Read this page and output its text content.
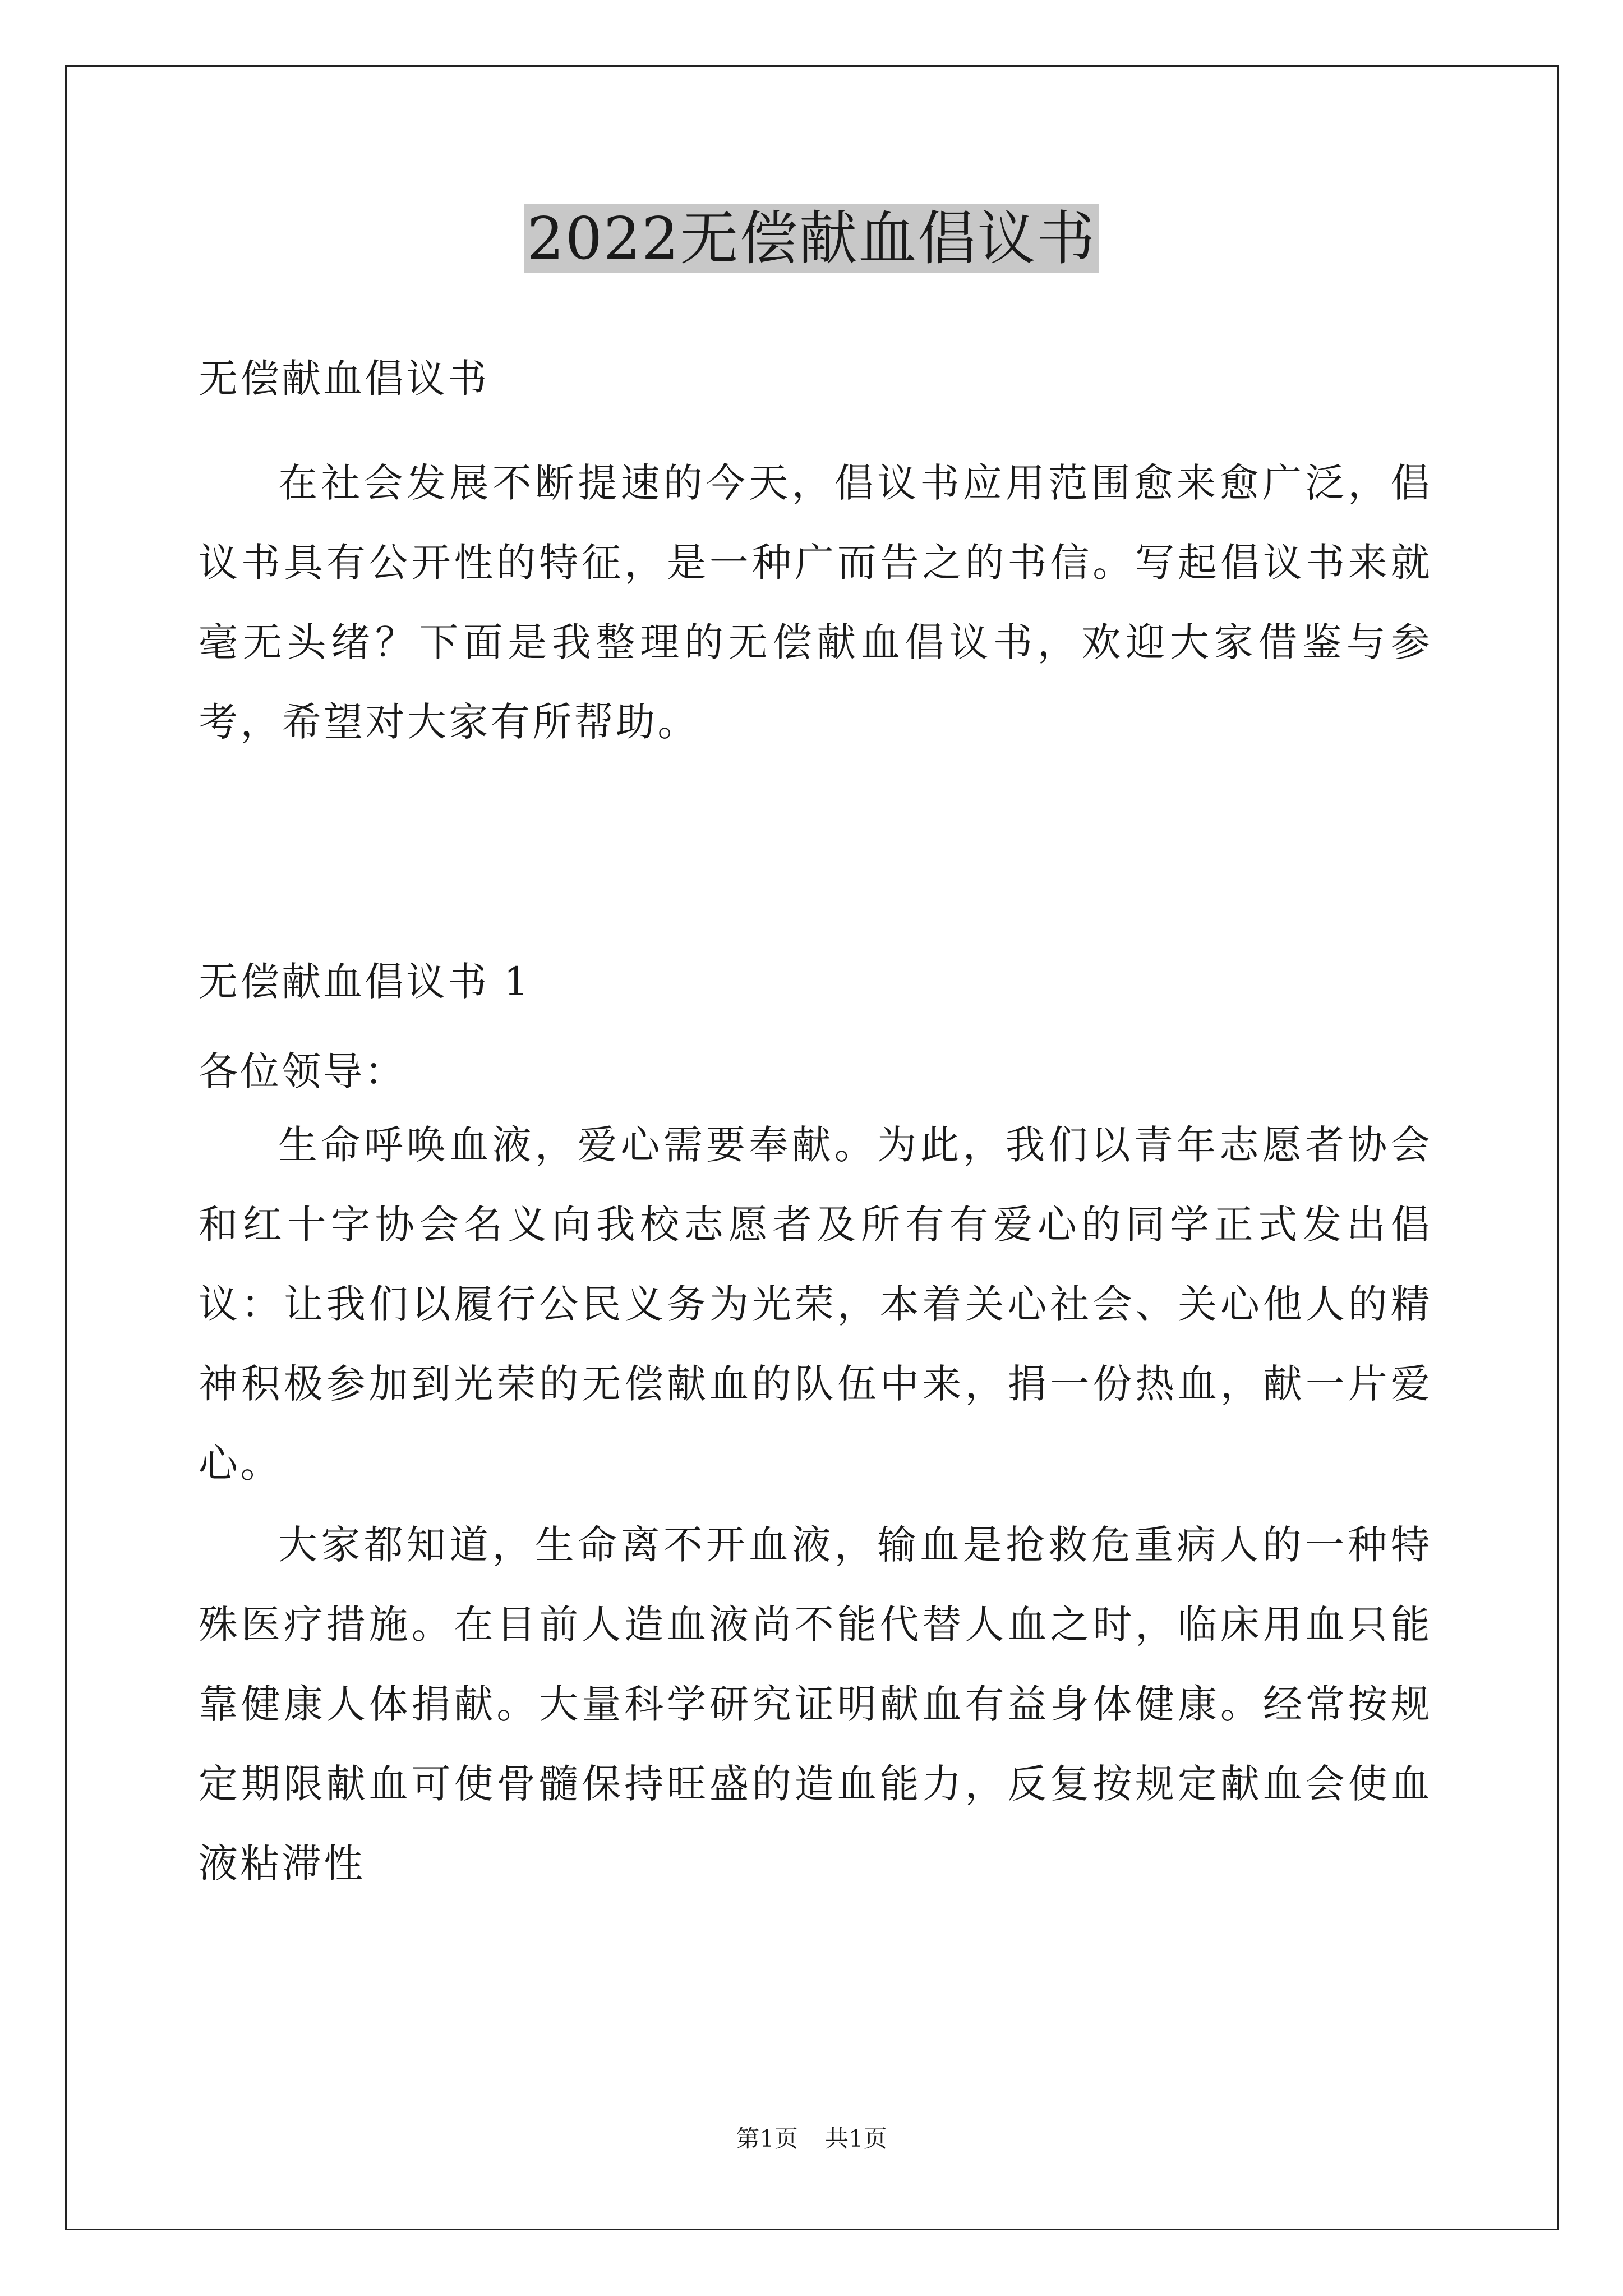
2022无偿献血倡议书
无偿献血倡议书
在社会发展不断提速的今天，倡议书应用范围愈来愈广泛，倡议书具有公开性的特征，是一种广而告之的书信。写起倡议书来就毫无头绪？下面是我整理的无偿献血倡议书，欢迎大家借鉴与参考，希望对大家有所帮助。
无偿献血倡议书 1
各位领导：
生命呼唤血液，爱心需要奉献。为此，我们以青年志愿者协会和红十字协会名义向我校志愿者及所有有爱心的同学正式发出倡议：让我们以履行公民义务为光荣，本着关心社会、关心他人的精神积极参加到光荣的无偿献血的队伍中来，捐一份热血，献一片爱心。
大家都知道，生命离不开血液，输血是抢救危重病人的一种特殊医疗措施。在目前人造血液尚不能代替人血之时，临床用血只能靠健康人体捐献。大量科学研究证明献血有益身体健康。经常按规定期限献血可使骨髓保持旺盛的造血能力，反复按规定献血会使血液粘滞性
第1页 共1页
